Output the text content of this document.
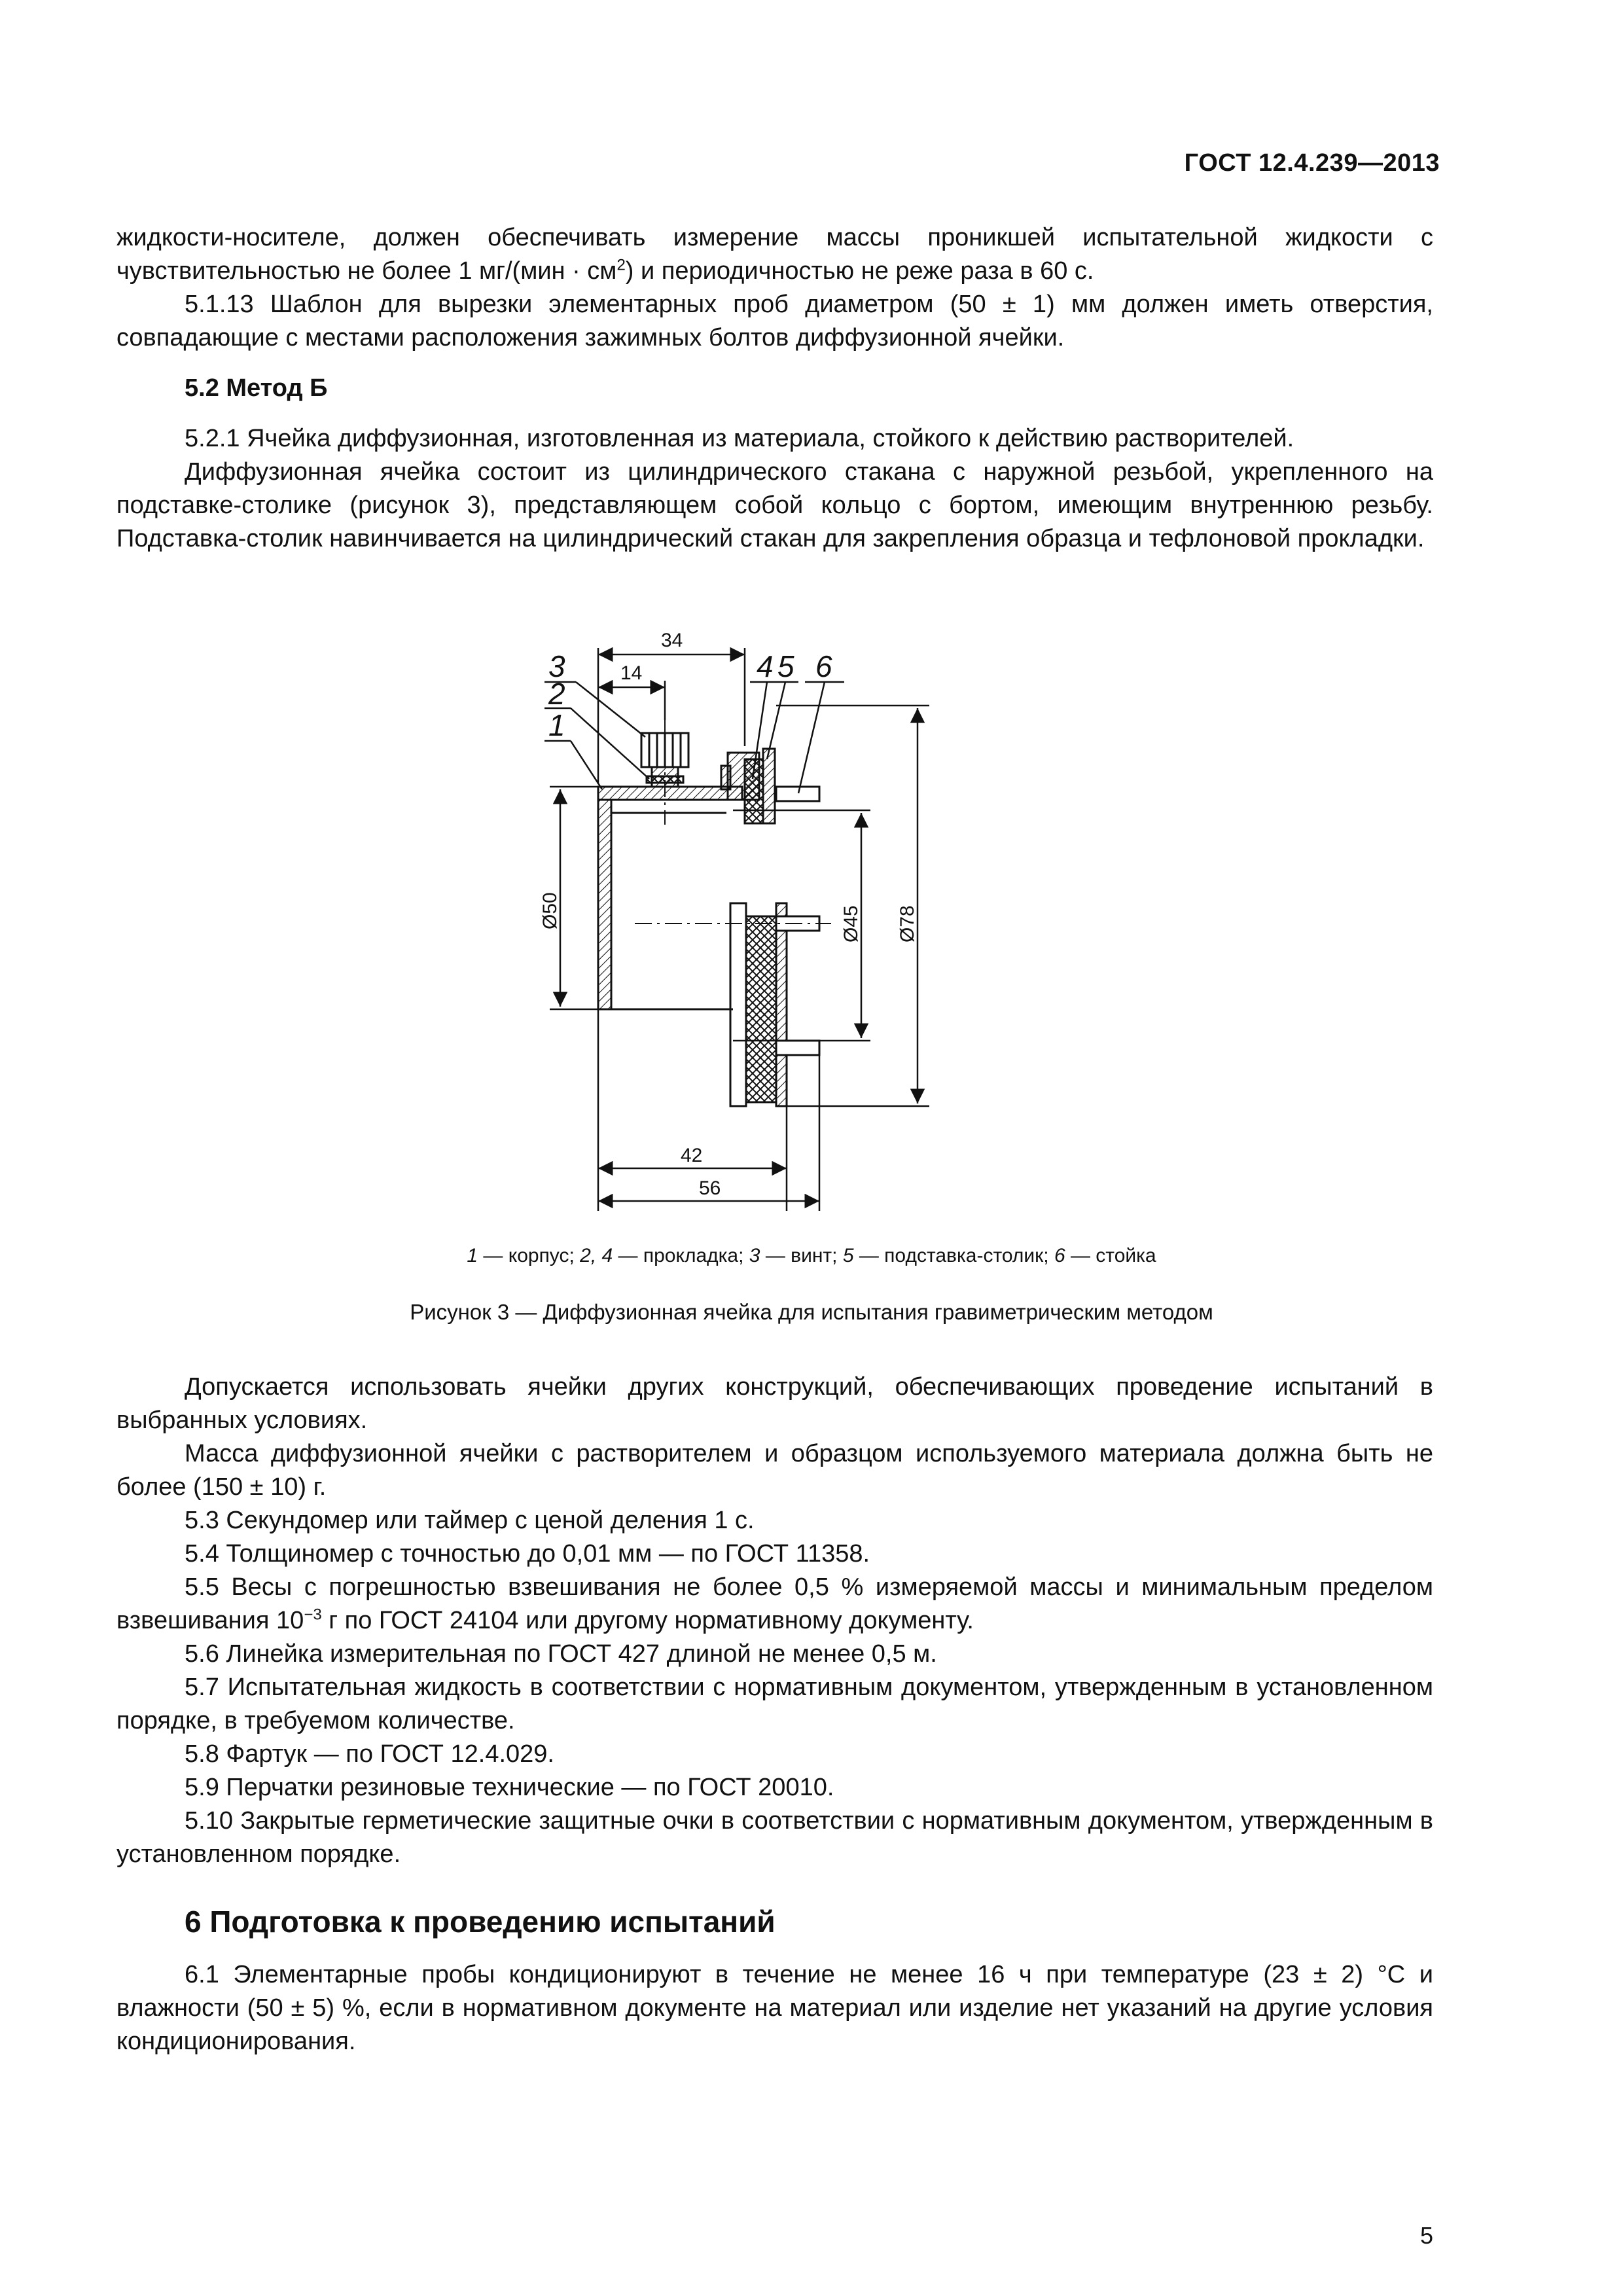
ГОСТ 12.4.239—2013

жидкости-носителе, должен обеспечивать измерение массы проникшей испытательной жидкости с чувствительностью не более 1 $мг/(мин \cdot см^2)$ и периодичностью не реже раза в 60 с.

5.1.13 Шаблон для вырезки элементарных проб диаметром (50 ± 1) мм должен иметь отверстия, совпадающие с местами расположения зажимных болтов диффузионной ячейки.

5.2 Метод Б

5.2.1 Ячейка диффузионная, изготовленная из материала, стойкого к действию растворителей.

Диффузионная ячейка состоит из цилиндрического стакана с наружной резьбой, укрепленного на подставке-столике (рисунок 3), представляющем собой кольцо с бортом, имеющим внутреннюю резьбу. Подставка-столик навинчивается на цилиндрический стакан для закрепления образца и тефлоновой прокладки.

34
14
42
56
Ø50	Ø45 Ø78
3
2
1
4 5 6
1 — корпус; 2, 4 — прокладка; 3 — винт; 5 — подставка-столик; 6 — стойка
Рисунок 3 — Диффузионная ячейка для испытания гравиметрическим методом

Допускается использовать ячейки других конструкций, обеспечивающих проведение испытаний в выбранных условиях.

Масса диффузионной ячейки с растворителем и образцом используемого материала должна быть не более (150 ± 10) г.

5.3 Секундомер или таймер с ценой деления 1 с.

5.4 Толщиномер с точностью до 0,01 мм — по ГОСТ 11358.

5.5 Весы с погрешностью взвешивания не более 0,5 % измеряемой массы и минимальным пределом взвешивания $10^{-3}$ г по ГОСТ 24104 или другому нормативному документу.

5.6 Линейка измерительная по ГОСТ 427 длиной не менее 0,5 м.

5.7 Испытательная жидкость в соответствии с нормативным документом, утвержденным в установленном порядке, в требуемом количестве.

5.8 Фартук — по ГОСТ 12.4.029.

5.9 Перчатки резиновые технические — по ГОСТ 20010.

5.10 Закрытые герметические защитные очки в соответствии с нормативным документом, утвержденным в установленном порядке.

6 Подготовка к проведению испытаний

6.1 Элементарные пробы кондиционируют в течение не менее 16 ч при температуре (23 ± 2) °С и влажности (50 ± 5) %, если в нормативном документе на материал или изделие нет указаний на другие условия кондиционирования.

5
